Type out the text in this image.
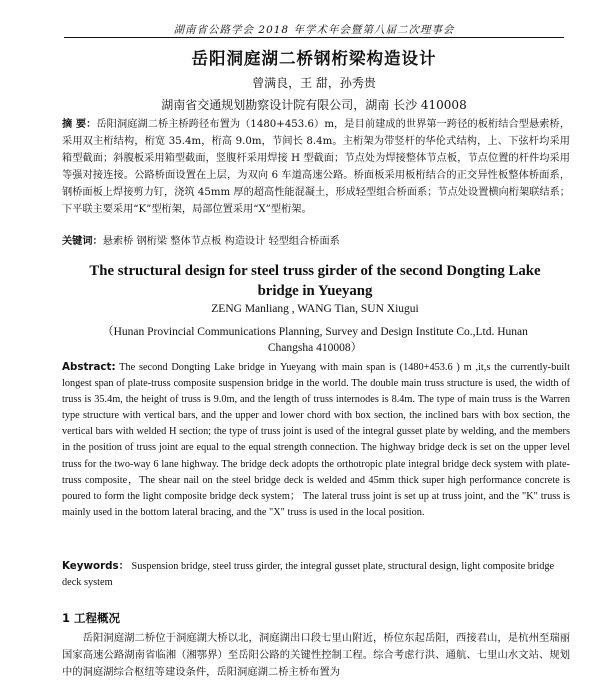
湖南省公路学会 2018 年学术年会暨第八届二次理事会
岳阳洞庭湖二桥钢桁梁构造设计
曾满良，王 甜，孙秀贵
湖南省交通规划勘察设计院有限公司，湖南 长沙 410008

摘 要：岳阳洞庭湖二桥主桥跨径布置为（1480+453.6）m，是目前建成的世界第一跨径的板桁结合型悬索桥，采用双主桁结构，桁宽 35.4m，桁高 9.0m，节间长 8.4m。主桁架为带竖杆的华伦式结构，上、下弦杆均采用箱型截面；斜腹板采用箱型截面，竖腹杆采用焊接 H 型截面；节点处为焊接整体节点板，节点位置的杆件均采用等强对接连接。公路桥面设置在上层，为双向 6 车道高速公路。桥面板采用板桁结合的正交异性板整体桥面系，钢桥面板上焊接剪力钉，浇筑 45mm 厚的超高性能混凝土，形成轻型组合桥面系；节点处设置横向桁架联结系；下平联主要采用“K”型桁架，局部位置采用“X”型桁架。

关键词：悬索桥 钢桁梁 整体节点板 构造设计 轻型组合桥面系

The structural design for steel truss girder of the second Dongting Lake bridge in Yueyang
ZENG Manliang , WANG Tian, SUN Xiugui
（Hunan Provincial Communications Planning, Survey and Design Institute Co.,Ltd. Hunan Changsha 410008）

Abstract: The second Dongting Lake bridge in Yueyang with main span is (1480+453.6 ) m ,it,s the currently-built longest span of plate-truss composite suspension bridge in the world. The double main truss structure is used, the width of truss is 35.4m, the height of truss is 9.0m, and the length of truss internodes is 8.4m. The type of main truss is the Warren type structure with vertical bars, and the upper and lower chord with box section, the inclined bars with box section, the vertical bars with welded H section; the type of truss joint is used of the integral gusset plate by welding, and the members in the position of truss joint are equal to the equal strength connection. The highway bridge deck is set on the upper level truss for the two-way 6 lane highway. The bridge deck adopts the orthotropic plate integral bridge deck system with plate-truss composite，The shear nail on the steel bridge deck is welded and 45mm thick super high performance concrete is poured to form the light composite bridge deck system； The lateral truss joint is set up at truss joint, and the "K" truss is mainly used in the bottom lateral bracing, and the "X" truss is used in the local position.

Keywords： Suspension bridge, steel truss girder, the integral gusset plate, structural design, light composite bridge deck system

1 工程概况

岳阳洞庭湖二桥位于洞庭湖大桥以北，洞庭湖出口段七里山附近，桥位东起岳阳，西接君山，是杭州至瑞丽国家高速公路湖南省临湘（湘鄂界）至岳阳公路的关键性控制工程。综合考虑行洪、通航、七里山水文站、规划中的洞庭湖综合枢纽等建设条件，岳阳洞庭湖二桥主桥布置为
